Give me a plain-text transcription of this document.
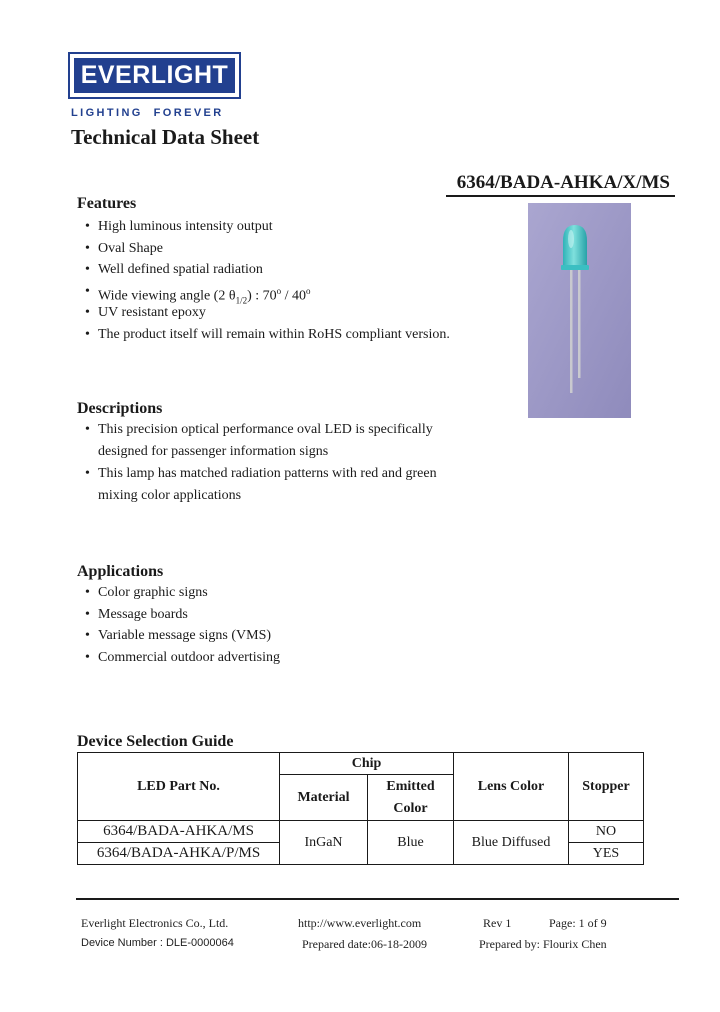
EVERLIGHT
LIGHTING  FOREVER
Technical Data Sheet
6364/BADA-AHKA/X/MS
Features
• High luminous intensity output
• Oval Shape
• Well defined spatial radiation
• Wide viewing angle (2 $\theta_{1/2}$) : 70$^o$ / 40$^o$
• UV resistant epoxy
• The product itself will remain within RoHS compliant version.
Descriptions
• This precision optical performance oval LED is specifically
designed for passenger information signs
• This lamp has matched radiation patterns with red and green
mixing color applications
Applications
• Color graphic signs
• Message boards
• Variable message signs (VMS)
• Commercial outdoor advertising
Device Selection Guide
LED Part No.	Chip		Lens Color	Stopper
	Material	Emitted
Color		
6364/BADA-AHKA/MS	InGaN	Blue	Blue Diffused	NO
6364/BADA-AHKA/P/MS				YES
Everlight Electronics Co., Ltd.	http://www.everlight.com	Rev 1	Page: 1 of 9
Device Number : DLE-0000064	Prepared date:06-18-2009	Prepared by: Flourix Chen
